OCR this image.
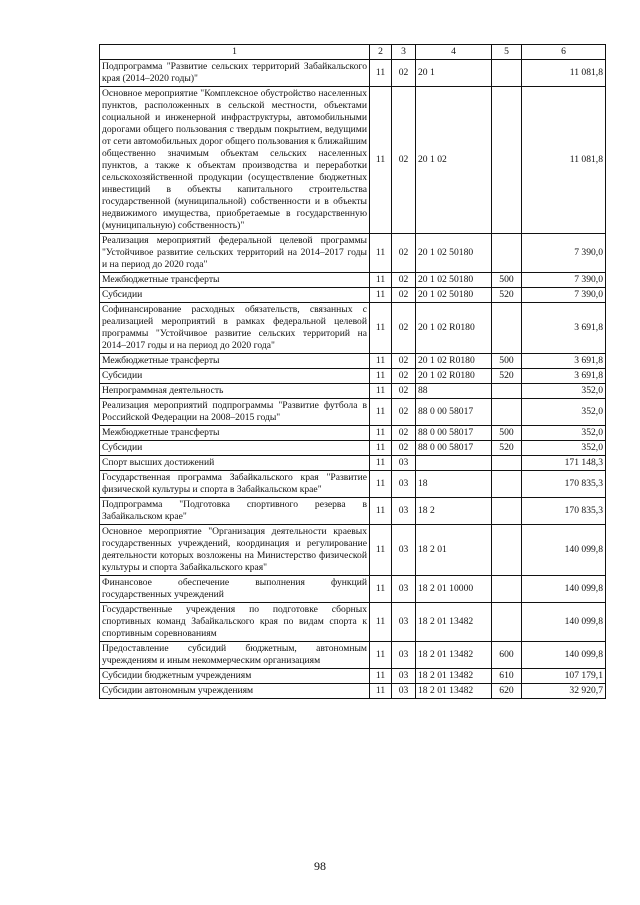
1	2	3	4	5	6
Подпрограмма "Развитие сельских территорий Забайкальского края (2014–2020 годы)"	11	02	20 1		11 081,8
Основное мероприятие "Комплексное обустройство населенных пунктов, расположенных в сельской местности, объектами социальной и инженерной инфраструктуры, автомобильными дорогами общего пользования с твердым покрытием, ведущими от сети автомобильных дорог общего пользования к ближайшим общественно значимым объектам сельских населенных пунктов, а также к объектам производства и переработки сельскохозяйственной продукции (осуществление бюджетных инвестиций в объекты капитального строительства государственной (муниципальной) собственности и в объекты недвижимого имущества, приобретаемые в государственную (муниципальную) собственность)"	11	02	20 1 02		11 081,8
Реализация мероприятий федеральной целевой программы "Устойчивое развитие сельских территорий на 2014–2017 годы и на период до 2020 года"	11	02	20 1 02 50180		7 390,0
Межбюджетные трансферты	11	02	20 1 02 50180	500	7 390,0
Субсидии	11	02	20 1 02 50180	520	7 390,0
Софинансирование расходных обязательств, связанных с реализацией мероприятий в рамках федеральной целевой программы "Устойчивое развитие сельских территорий на 2014–2017 годы и на период до 2020 года"	11	02	20 1 02 R0180		3 691,8
Межбюджетные трансферты	11	02	20 1 02 R0180	500	3 691,8
Субсидии	11	02	20 1 02 R0180	520	3 691,8
Непрограммная деятельность	11	02	88		352,0
Реализация мероприятий подпрограммы "Развитие футбола в Российской Федерации на 2008–2015 годы"	11	02	88 0 00 58017		352,0
Межбюджетные трансферты	11	02	88 0 00 58017	500	352,0
Субсидии	11	02	88 0 00 58017	520	352,0
Спорт высших достижений	11	03			171 148,3
Государственная программа Забайкальского края "Развитие физической культуры и спорта в Забайкальском крае"	11	03	18		170 835,3
Подпрограмма "Подготовка спортивного резерва в Забайкальском крае"	11	03	18 2		170 835,3
Основное мероприятие "Организация деятельности краевых государственных учреждений, координация и регулирование деятельности которых возложены на Министерство физической культуры и спорта Забайкальского края"	11	03	18 2 01		140 099,8
Финансовое обеспечение выполнения функций государственных учреждений	11	03	18 2 01 10000		140 099,8
Государственные учреждения по подготовке сборных спортивных команд Забайкальского края по видам спорта к спортивным соревнованиям	11	03	18 2 01 13482		140 099,8
Предоставление субсидий бюджетным, автономным учреждениям и иным некоммерческим организациям	11	03	18 2 01 13482	600	140 099,8
Субсидии бюджетным учреждениям	11	03	18 2 01 13482	610	107 179,1
Субсидии автономным учреждениям	11	03	18 2 01 13482	620	32 920,7
98
